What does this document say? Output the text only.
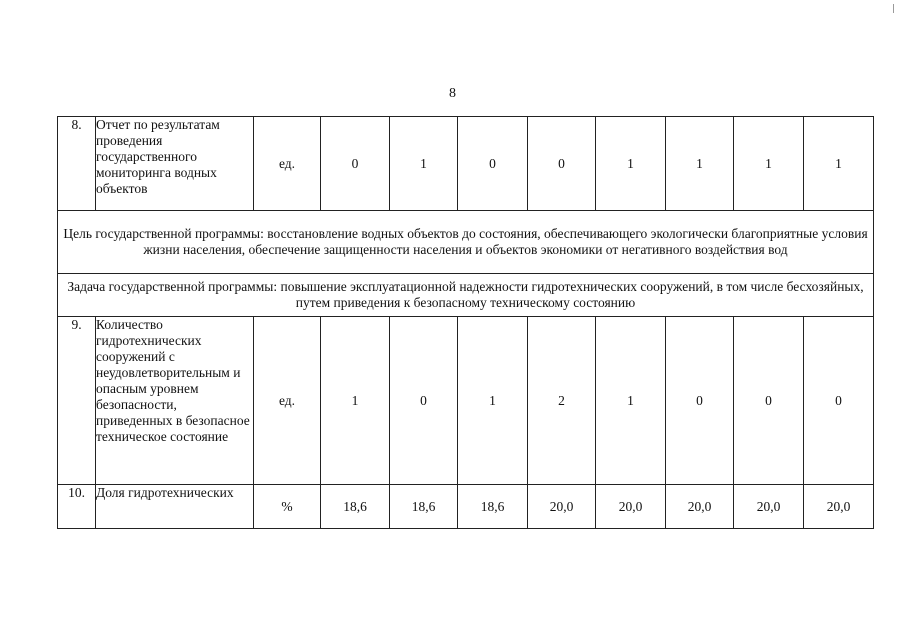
8
8.	Отчет по результатам проведения государственного мониторинга водных объектов	ед.	0	1	0	0	1	1	1	1
Цель государственной программы: восстановление водных объектов до состояния, обеспечивающего экологически благоприятные условия жизни населения, обеспечение защищенности населения и объектов экономики от негативного воздействия вод										
Задача государственной программы: повышение эксплуатационной надежности гидротехнических сооружений, в том числе бесхозяйных, путем приведения к безопасному техническому состоянию										
9.	Количество гидротехнических сооружений с неудовлетворительным и опасным уровнем безопасности, приведенных в безопасное техническое состояние	ед.	1	0	1	2	1	0	0	0
10.	Доля гидротехнических	%	18,6	18,6	18,6	20,0	20,0	20,0	20,0	20,0
